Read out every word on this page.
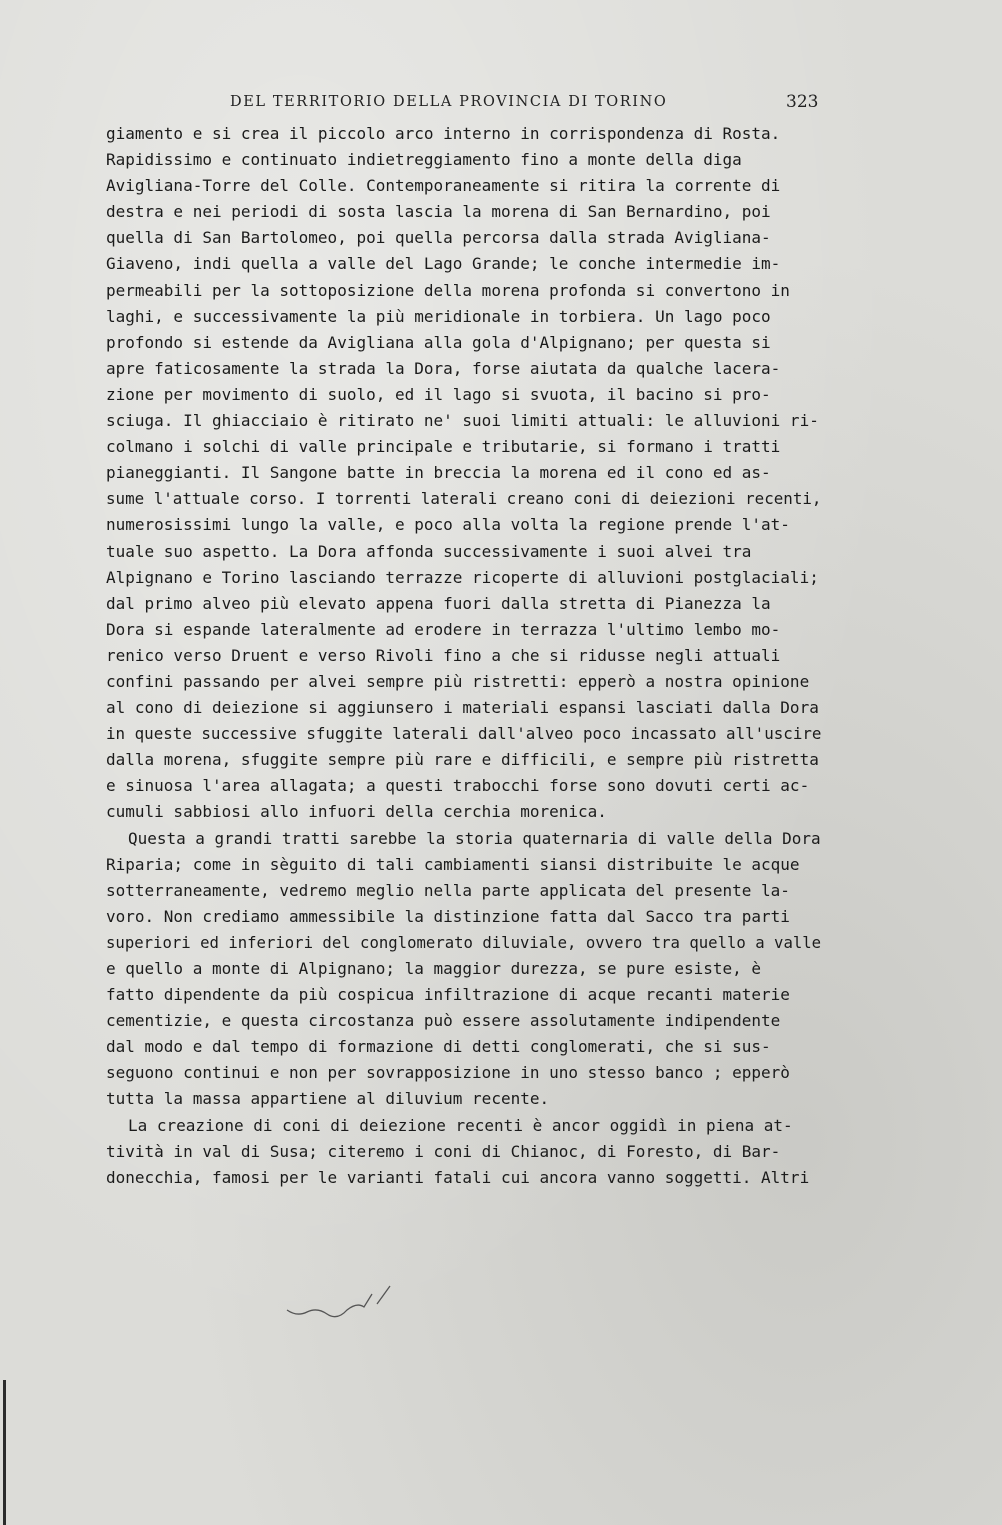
DEL TERRITORIO DELLA PROVINCIA DI TORINO	323
giamento e si crea il piccolo arco interno in corrispondenza di Rosta.
Rapidissimo e continuato indietreggiamento fino a monte della diga
Avigliana-Torre del Colle. Contemporaneamente si ritira la corrente di
destra e nei periodi di sosta lascia la morena di San Bernardino, poi
quella di San Bartolomeo, poi quella percorsa dalla strada Avigliana-
Giaveno, indi quella a valle del Lago Grande; le conche intermedie im-
permeabili per la sottoposizione della morena profonda si convertono in
laghi, e successivamente la più meridionale in torbiera. Un lago poco
profondo si estende da Avigliana alla gola d'Alpignano; per questa si
apre faticosamente la strada la Dora, forse aiutata da qualche lacera-
zione per movimento di suolo, ed il lago si svuota, il bacino si pro-
sciuga. Il ghiacciaio è ritirato ne' suoi limiti attuali: le alluvioni ri-
colmano i solchi di valle principale e tributarie, si formano i tratti
pianeggianti. Il Sangone batte in breccia la morena ed il cono ed as-
sume l'attuale corso. I torrenti laterali creano coni di deiezioni recenti,
numerosissimi lungo la valle, e poco alla volta la regione prende l'at-
tuale suo aspetto. La Dora affonda successivamente i suoi alvei tra
Alpignano e Torino lasciando terrazze ricoperte di alluvioni postglaciali;
dal primo alveo più elevato appena fuori dalla stretta di Pianezza la
Dora si espande lateralmente ad erodere in terrazza l'ultimo lembo mo-
renico verso Druent e verso Rivoli fino a che si ridusse negli attuali
confini passando per alvei sempre più ristretti: epperò a nostra opinione
al cono di deiezione si aggiunsero i materiali espansi lasciati dalla Dora
in queste successive sfuggite laterali dall'alveo poco incassato all'uscire
dalla morena, sfuggite sempre più rare e difficili, e sempre più ristretta
e sinuosa l'area allagata; a questi trabocchi forse sono dovuti certi ac-
cumuli sabbiosi allo infuori della cerchia morenica.
Questa a grandi tratti sarebbe la storia quaternaria di valle della Dora
Riparia; come in sèguito di tali cambiamenti siansi distribuite le acque
sotterraneamente, vedremo meglio nella parte applicata del presente la-
voro. Non crediamo ammessibile la distinzione fatta dal Sacco tra parti
superiori ed inferiori del conglomerato diluviale, ovvero tra quello a valle
e quello a monte di Alpignano; la maggior durezza, se pure esiste, è
fatto dipendente da più cospicua infiltrazione di acque recanti materie
cementizie, e questa circostanza può essere assolutamente indipendente
dal modo e dal tempo di formazione di detti conglomerati, che si sus-
seguono continui e non per sovrapposizione in uno stesso banco ; epperò
tutta la massa appartiene al diluvium recente.
La creazione di coni di deiezione recenti è ancor oggidì in piena at-
tività in val di Susa; citeremo i coni di Chianoc, di Foresto, di Bar-
donecchia, famosi per le varianti fatali cui ancora vanno soggetti. Altri
